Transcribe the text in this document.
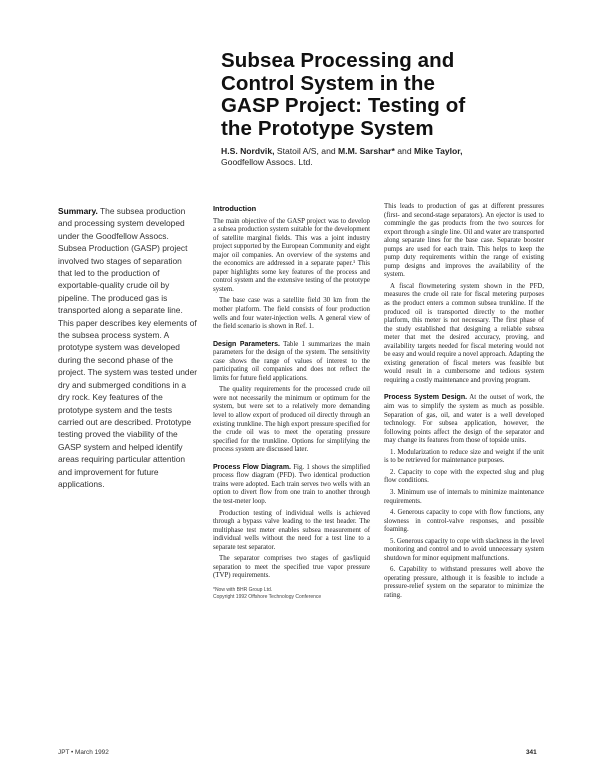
Subsea Processing and
Control System in the
GASP Project: Testing of
the Prototype System
H.S. Nordvik, Statoil A/S, and M.M. Sarshar* and Mike Taylor,
Goodfellow Assocs. Ltd.
Summary. The subsea production and processing system developed under the Goodfellow Assocs. Subsea Production (GASP) project involved two stages of separation that led to the production of exportable-quality crude oil by pipeline. The produced gas is transported along a separate line. This paper describes key elements of the subsea process system. A prototype system was developed during the second phase of the project. The system was tested under dry and submerged conditions in a dry rock. Key features of the prototype system and the tests carried out are described. Prototype testing proved the viability of the GASP system and helped identify areas requiring particular attention and improvement for future applications.
Introduction

The main objective of the GASP project was to develop a subsea production system suitable for the development of satellite marginal fields. This was a joint industry project supported by the European Community and eight major oil companies. An overview of the systems and the economics are addressed in a separate paper.¹ This paper highlights some key features of the process and control system and the extensive testing of the prototype system.

The base case was a satellite field 30 km from the mother platform. The field consists of four production wells and four water-injection wells. A general view of the field scenario is shown in Ref. 1.

Design Parameters. Table 1 summarizes the main parameters for the design of the system. The sensitivity case shows the range of values of interest to the participating oil companies and does not reflect the limits for future field applications.

The quality requirements for the processed crude oil were not necessarily the minimum or optimum for the system, but were set to a relatively more demanding level to allow export of produced oil directly through an existing trunkline. The high export pressure specified for the crude oil was to meet the operating pressure specified for the trunkline. Options for simplifying the process system are discussed later.

Process Flow Diagram. Fig. 1 shows the simplified process flow diagram (PFD). Two identical production trains were adopted. Each train serves two wells with an option to divert flow from one train to another through the test-meter loop.

Production testing of individual wells is achieved through a bypass valve leading to the test header. The multiphase test meter enables subsea measurement of individual wells without the need for a test line to a separate test separator.

The separator comprises two stages of gas/liquid separation to meet the specified true vapor pressure (TVP) requirements.

*Now with BHR Group Ltd.
Copyright 1992 Offshore Technology Conference

This leads to production of gas at different pressures (first- and second-stage separators). An ejector is used to commingle the gas products from the two sources for export through a single line. Oil and water are transported along separate lines for the base case. Separate booster pumps are used for each train. This helps to keep the pump duty requirements within the range of existing pump designs and improves the availability of the system.

A fiscal flowmetering system shown in the PFD, measures the crude oil rate for fiscal metering purposes as the product enters a common subsea trunkline. If the produced oil is transported directly to the mother platform, this meter is not necessary. The first phase of the study established that designing a reliable subsea meter that met the desired accuracy, proving, and availability targets needed for fiscal metering would not be easy and would require a novel approach. Adapting the existing generation of fiscal meters was feasible but would result in a cumbersome and tedious system requiring a costly maintenance and proving program.

Process System Design. At the outset of work, the aim was to simplify the system as much as possible. Separation of gas, oil, and water is a well developed technology. For subsea application, however, the following points affect the design of the separator and may change its features from those of topside units.

1. Modularization to reduce size and weight if the unit is to be retrieved for maintenance purposes.

2. Capacity to cope with the expected slug and plug flow conditions.

3. Minimum use of internals to minimize maintenance requirements.

4. Generous capacity to cope with flow functions, any slowness in control-valve responses, and possible foaming.

5. Generous capacity to cope with slackness in the level monitoring and control and to avoid unnecessary system shutdown for minor equipment malfunctions.

6. Capability to withstand pressures well above the operating pressure, although it is feasible to include a pressure-relief system on the separator to minimize the rating.

JPT • March 1992	341
